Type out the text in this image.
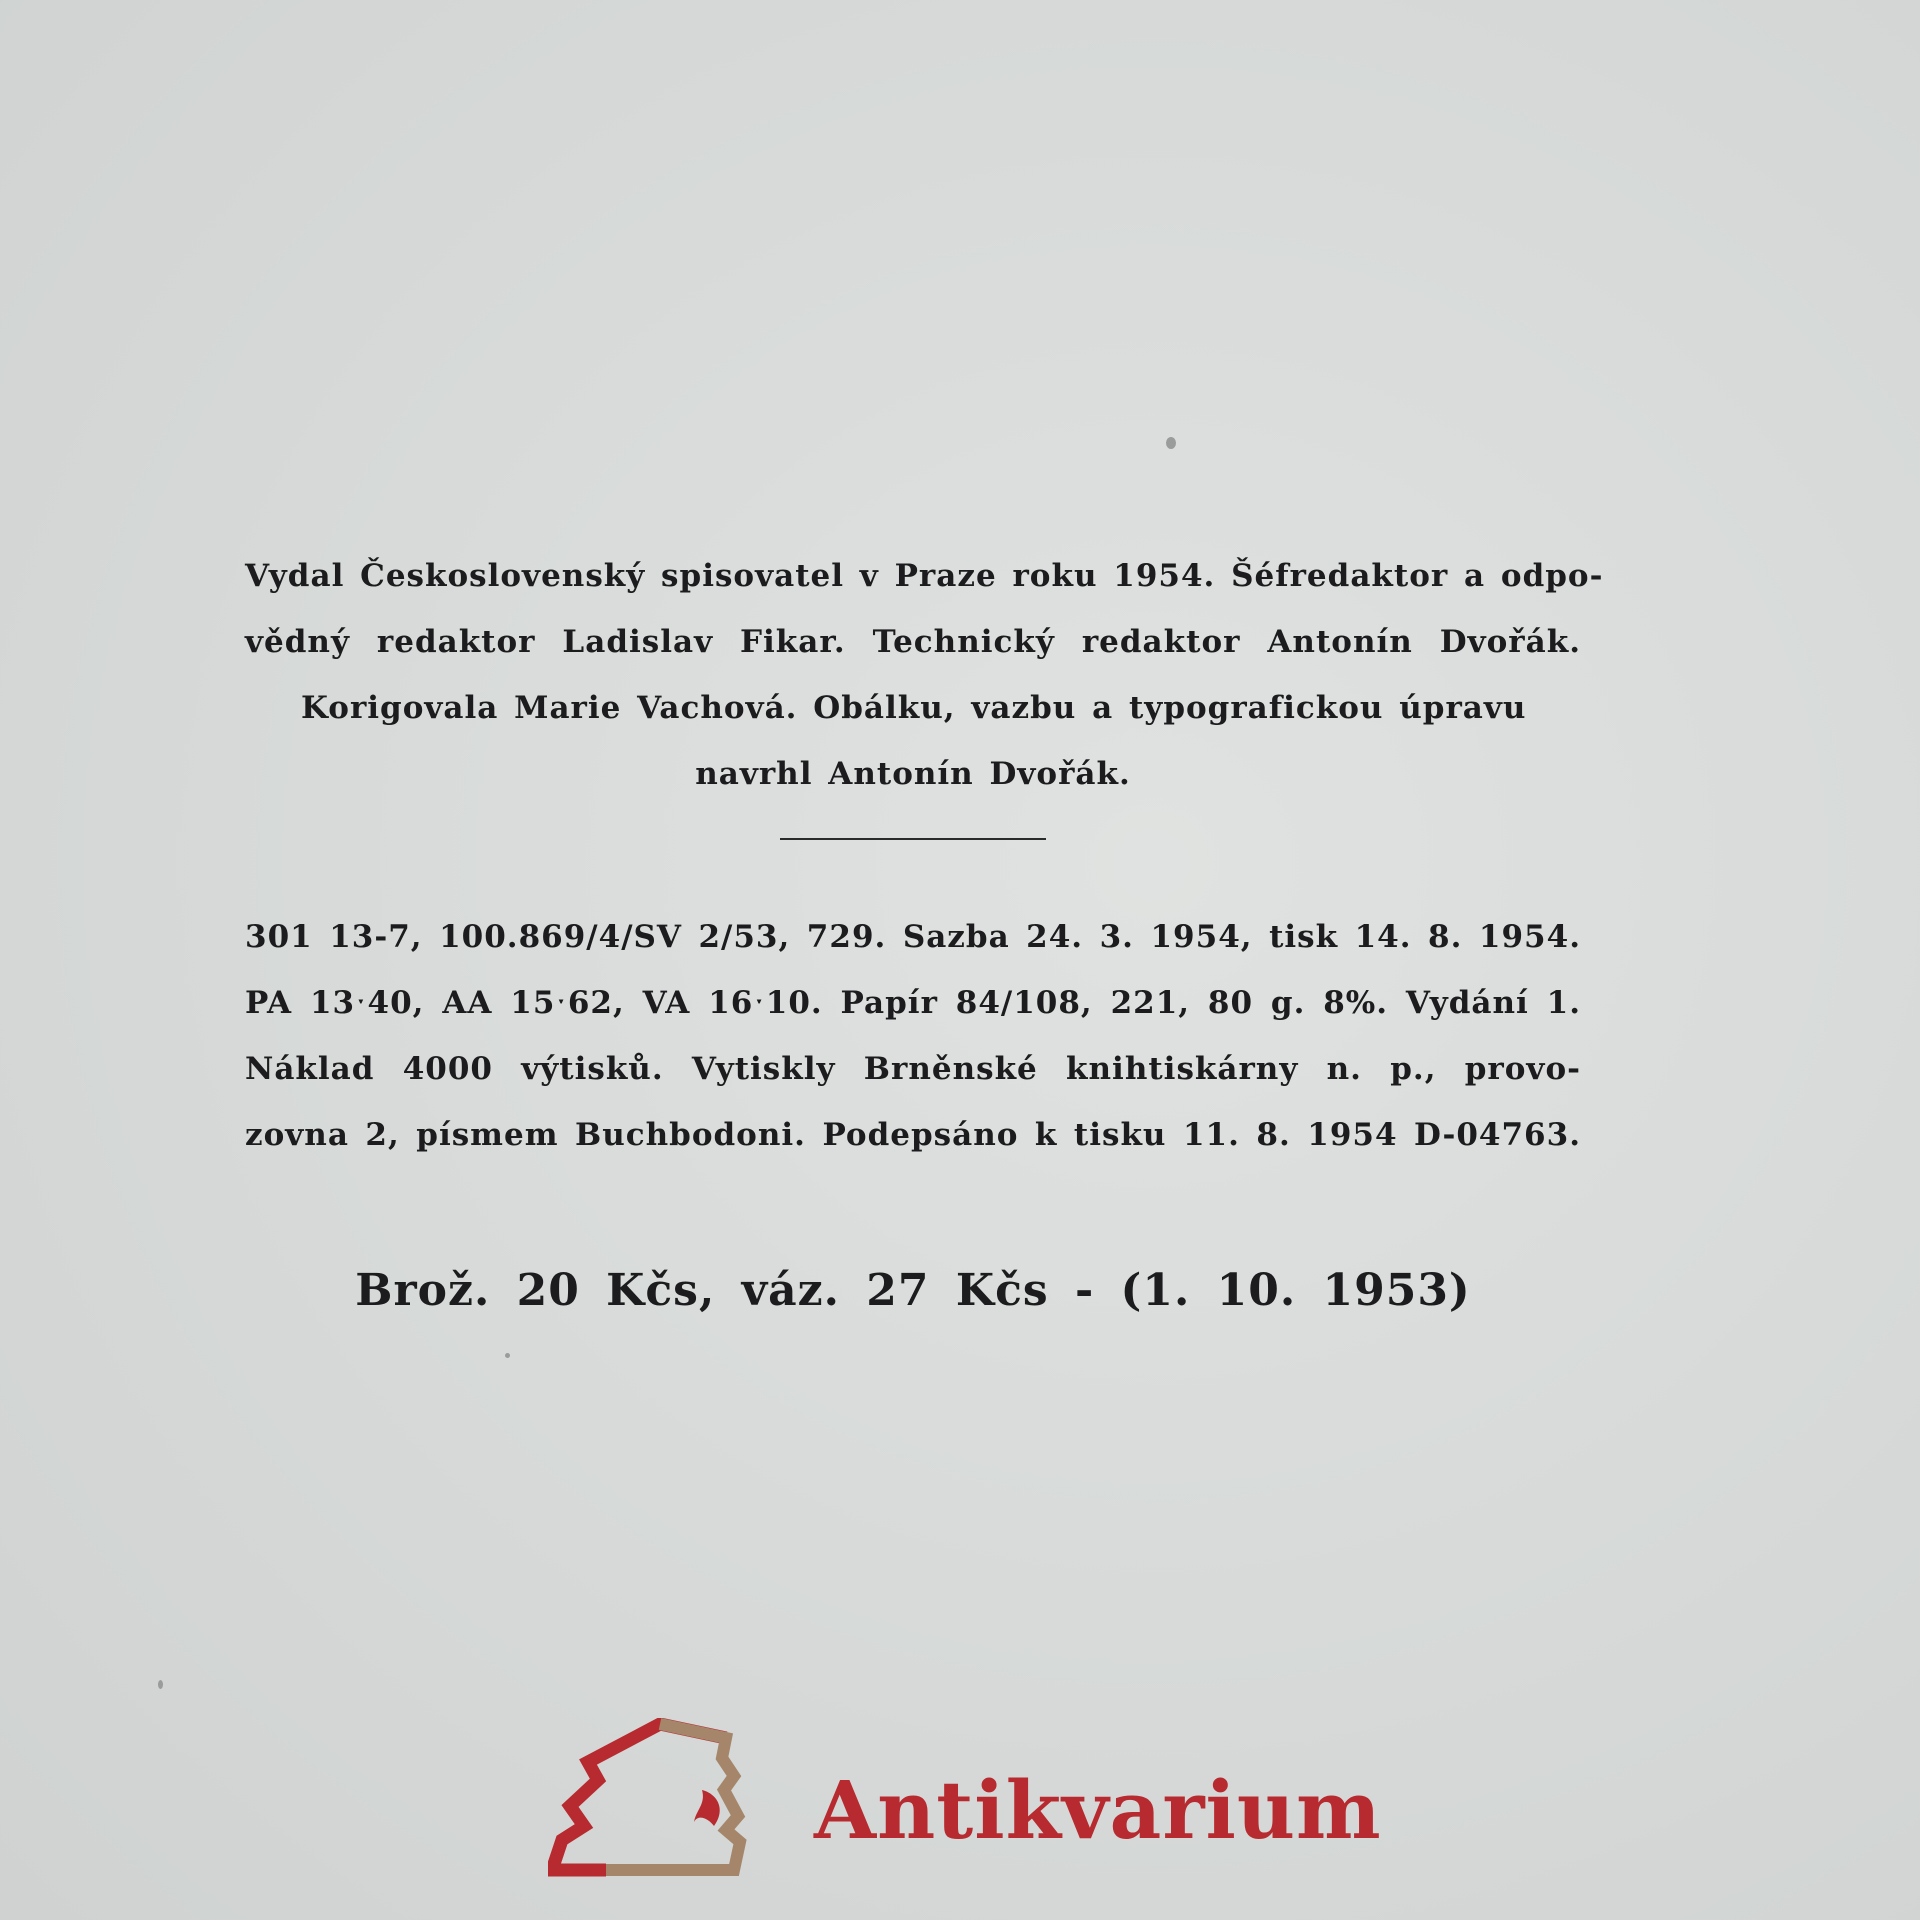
Vydal Československý spisovatel v Praze roku 1954. Šéfredaktor a odpo-
vědný redaktor Ladislav Fikar. Technický redaktor Antonín Dvořák.
Korigovala Marie Vachová. Obálku, vazbu a typografickou úpravu
navrhl Antonín Dvořák.
301 13-7, 100.869/4/SV 2/53, 729. Sazba 24. 3. 1954, tisk 14. 8. 1954.
PA 13ˑ40, AA 15ˑ62, VA 16ˑ10. Papír 84/108, 221, 80 g. 8%. Vydání 1.
Náklad 4000 výtisků. Vytiskly Brněnské knihtiskárny n. p., provo-
zovna 2, písmem Buchbodoni. Podepsáno k tisku 11. 8. 1954 D-04763.
Brož. 20 Kčs, váz. 27 Kčs - (1. 10. 1953)
Antikvarium
